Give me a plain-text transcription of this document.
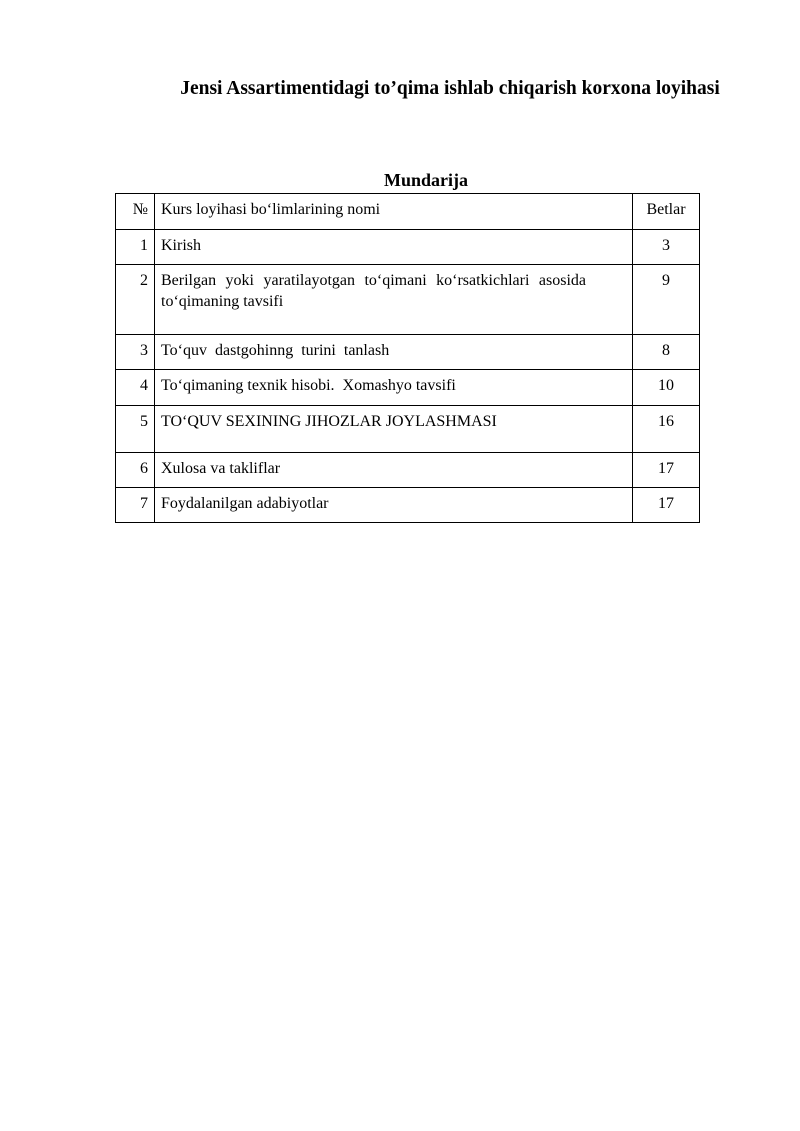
Jensi Assartimentidagi to’qima ishlab chiqarish korxona loyihasi
Mundarija
№	Kurs loyihasi bo‘limlarining nomi	Betlar
1	Kirish	3
2	Berilgan yoki yaratilayotgan to‘qimani ko‘rsatkichlari asosida to‘qimaning tavsifi	9
3	To‘quv  dastgohinng  turini  tanlash	8
4	To‘qimaning texnik hisobi.  Xomashyo tavsifi	10
5	TO‘QUV SEXINING JIHOZLAR JOYLASHMASI	16
6	Xulosa va takliflar	17
7	Foydalanilgan adabiyotlar	17
